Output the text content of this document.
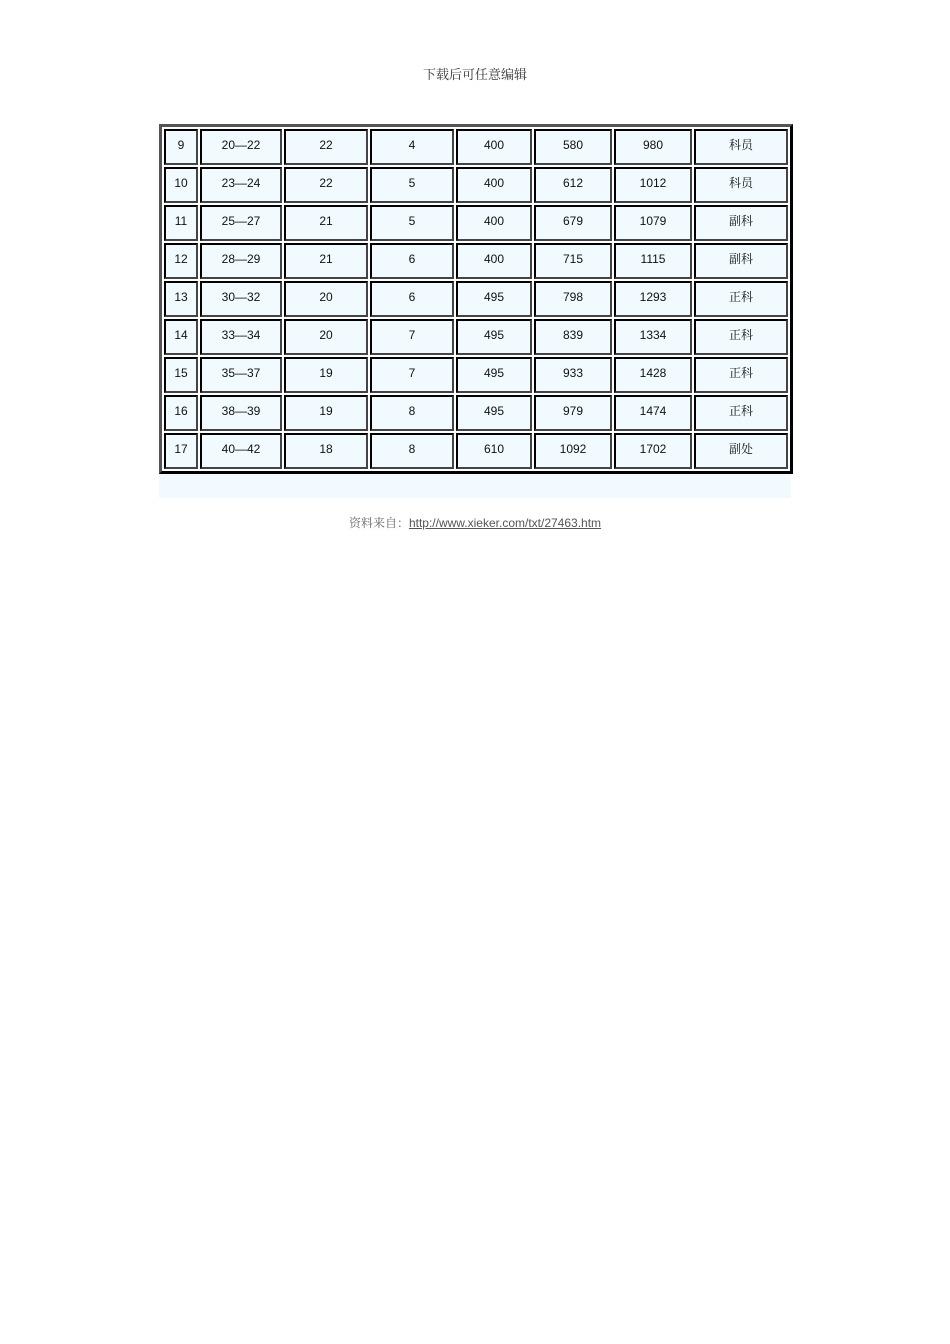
下载后可任意编辑
9	20—22	22	4	400	580	980	科员
10	23—24	22	5	400	612	1012	科员
11	25—27	21	5	400	679	1079	副科
12	28—29	21	6	400	715	1115	副科
13	30—32	20	6	495	798	1293	正科
14	33—34	20	7	495	839	1334	正科
15	35—37	19	7	495	933	1428	正科
16	38—39	19	8	495	979	1474	正科
17	40—42	18	8	610	1092	1702	副处
资料来自：http://www.xieker.com/txt/27463.htm
